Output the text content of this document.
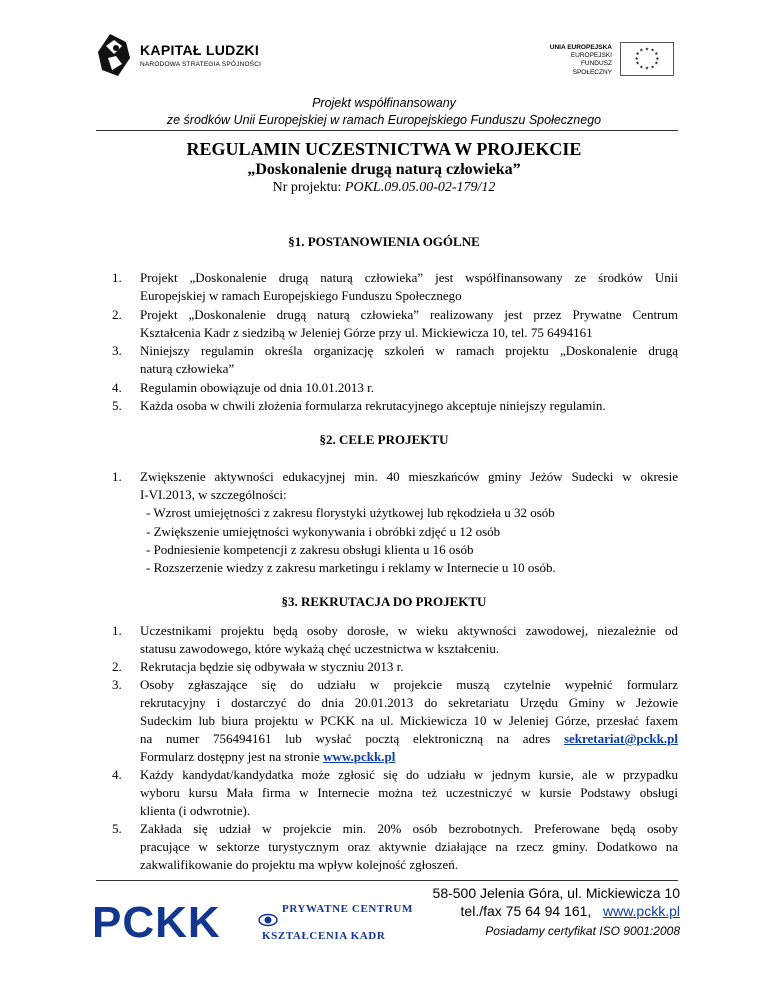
KAPITAŁ LUDZKI
NARODOWA STRATEGIA SPÓJNOŚCI
UNIA EUROPEJSKA
EUROPEJSKI
FUNDUSZ SPOŁECZNY
★ ★
★
★
★
★
★
★
★
★
★
★
Projekt współfinansowany
ze środków Unii Europejskiej w ramach Europejskiego Funduszu Społecznego
REGULAMIN UCZESTNICTWA W PROJEKCIE
„Doskonalenie drugą naturą człowieka”
Nr projektu: POKL.09.05.00-02-179/12
§1. POSTANOWIENIA OGÓLNE
1. Projekt „Doskonalenie drugą naturą człowieka” jest współfinansowany ze środków Unii
Europejskiej w ramach Europejskiego Funduszu Społecznego
2. Projekt „Doskonalenie drugą naturą człowieka” realizowany jest przez Prywatne Centrum
Kształcenia Kadr z siedzibą w Jeleniej Górze przy ul. Mickiewicza 10, tel. 75 6494161
3. Niniejszy regulamin określa organizację szkoleń w ramach projektu „Doskonalenie drugą
naturą człowieka”
4. Regulamin obowiązuje od dnia 10.01.2013 r.
5. Każda osoba w chwili złożenia formularza rekrutacyjnego akceptuje niniejszy regulamin.
§2. CELE PROJEKTU
1. Zwiększenie aktywności edukacyjnej min. 40 mieszkańców gminy Jeżów Sudecki w okresie
I-VI.2013, w szczególności:
- Wzrost umiejętności z zakresu florystyki użytkowej lub rękodzieła u 32 osób
- Zwiększenie umiejętności wykonywania i obróbki zdjęć u 12 osób
- Podniesienie kompetencji z zakresu obsługi klienta u 16 osób
- Rozszerzenie wiedzy z zakresu marketingu i reklamy w Internecie u 10 osób.
§3. REKRUTACJA DO PROJEKTU
1. Uczestnikami projektu będą osoby dorosłe, w wieku aktywności zawodowej, niezależnie od
statusu zawodowego, które wykażą chęć uczestnictwa w kształceniu.
2. Rekrutacja będzie się odbywała w styczniu 2013 r.
3. Osoby zgłaszające się do udziału w projekcie muszą czytelnie wypełnić formularz
rekrutacyjny i dostarczyć do dnia 20.01.2013 do sekretariatu Urzędu Gminy w Jeżowie
Sudeckim lub biura projektu w PCKK na ul. Mickiewicza 10 w Jeleniej Górze, przesłać faxem
na numer 756494161 lub wysłać pocztą elektroniczną na adres sekretariat@pckk.pl
Formularz dostępny jest na stronie www.pckk.pl
4. Każdy kandydat/kandydatka może zgłosić się do udziału w jednym kursie, ale w przypadku
wyboru kursu Mała firma w Internecie można też uczestniczyć w kursie Podstawy obsługi
klienta (i odwrotnie).
5. Zakłada się udział w projekcie min. 20% osób bezrobotnych. Preferowane będą osoby
pracujące w sektorze turystycznym oraz aktywnie działające na rzecz gminy. Dodatkowo na
zakwalifikowanie do projektu ma wpływ kolejność zgłoszeń.
PCKK	PRYWATNE CENTRUM
KSZTAŁCENIA KADR
58-500 Jelenia Góra, ul. Mickiewicza 10
tel./fax 75 64 94 161, www.pckk.pl
Posiadamy certyfikat ISO 9001:2008
